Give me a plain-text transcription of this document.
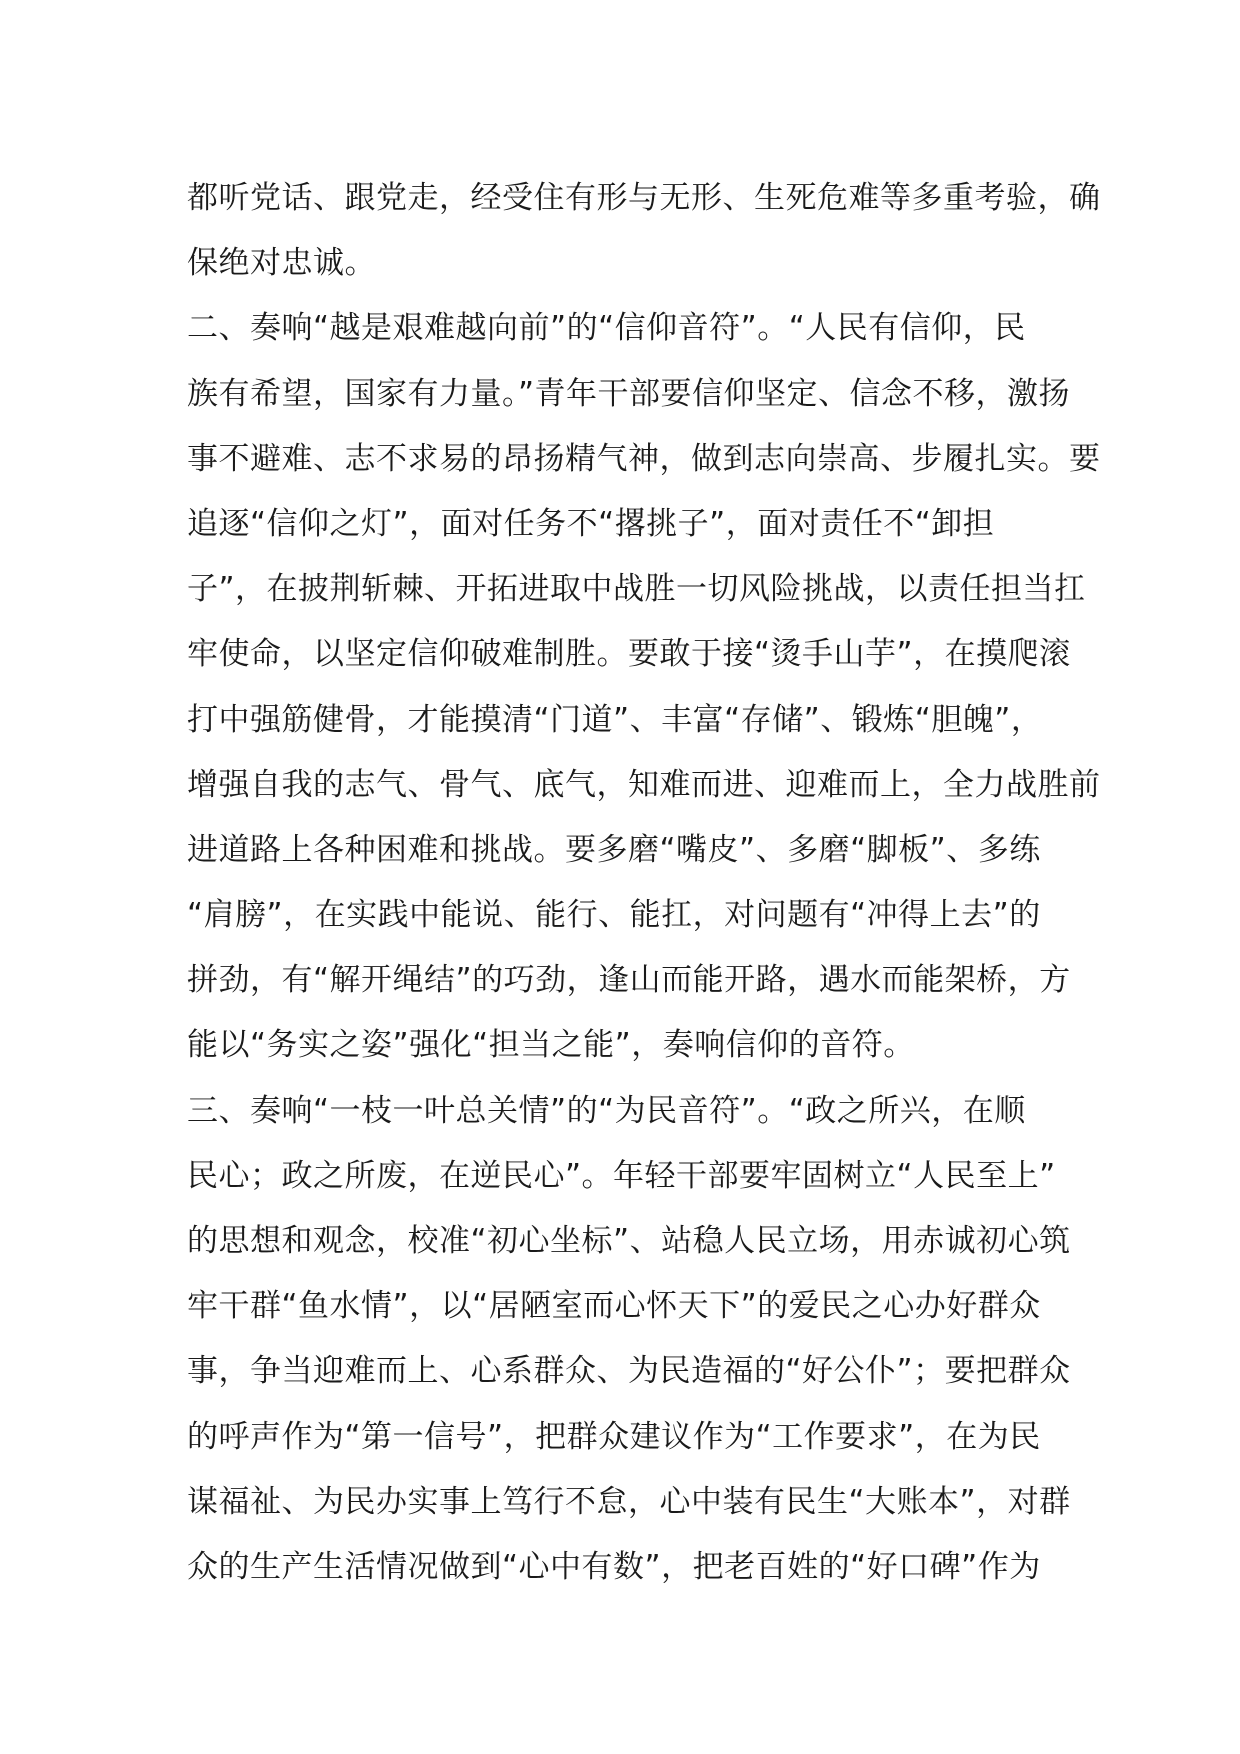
都听党话、跟党走，经受住有形与无形、生死危难等多重考验，确
保绝对忠诚。
二、奏响“越是艰难越向前”的“信仰音符”。“人民有信仰，民
族有希望，国家有力量。”青年干部要信仰坚定、信念不移，激扬
事不避难、志不求易的昂扬精气神，做到志向崇高、步履扎实。要
追逐“信仰之灯”，面对任务不“撂挑子”，面对责任不“卸担
子”，在披荆斩棘、开拓进取中战胜一切风险挑战，以责任担当扛
牢使命，以坚定信仰破难制胜。要敢于接“烫手山芋”，在摸爬滚
打中强筋健骨，才能摸清“门道”、丰富“存储”、锻炼“胆魄”，
增强自我的志气、骨气、底气，知难而进、迎难而上，全力战胜前
进道路上各种困难和挑战。要多磨“嘴皮”、多磨“脚板”、多练
“肩膀”，在实践中能说、能行、能扛，对问题有“冲得上去”的
拼劲，有“解开绳结”的巧劲，逢山而能开路，遇水而能架桥，方
能以“务实之姿”强化“担当之能”，奏响信仰的音符。
三、奏响“一枝一叶总关情”的“为民音符”。“政之所兴，在顺
民心；政之所废，在逆民心”。年轻干部要牢固树立“人民至上”
的思想和观念，校准“初心坐标”、站稳人民立场，用赤诚初心筑
牢干群“鱼水情”，以“居陋室而心怀天下”的爱民之心办好群众
事，争当迎难而上、心系群众、为民造福的“好公仆”；要把群众
的呼声作为“第一信号”，把群众建议作为“工作要求”，在为民
谋福祉、为民办实事上笃行不怠，心中装有民生“大账本”，对群
众的生产生活情况做到“心中有数”，把老百姓的“好口碑”作为
